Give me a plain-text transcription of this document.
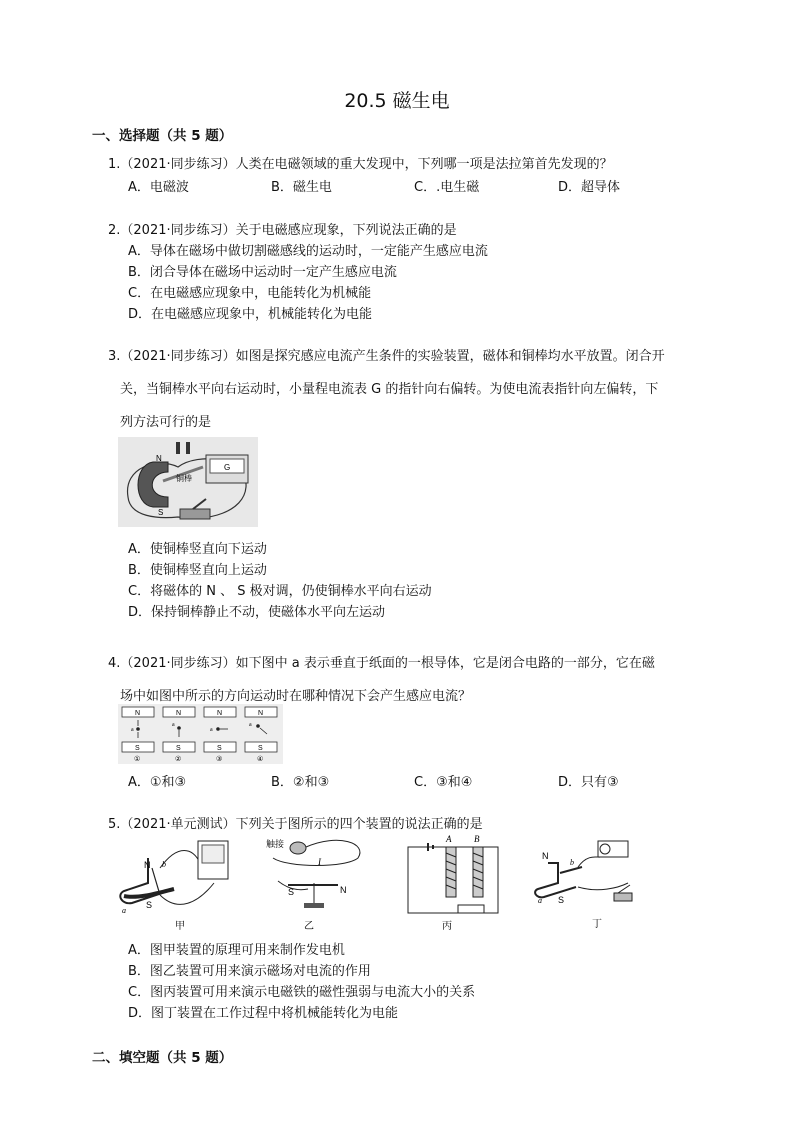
20.5 磁生电
一、选择题（共 5 题）
1.（2021·同步练习）人类在电磁领域的重大发现中，下列哪一项是法拉第首先发现的？
A．电磁波	B．磁生电	C．.电生磁	D．超导体
2.（2021·同步练习）关于电磁感应现象，下列说法正确的是
A．导体在磁场中做切割磁感线的运动时，一定能产生感应电流
B．闭合导体在磁场中运动时一定产生感应电流
C．在电磁感应现象中，电能转化为机械能
D．在电磁感应现象中，机械能转化为电能
3.（2021·同步练习）如图是探究感应电流产生条件的实验装置，磁体和铜棒均水平放置。闭合开
关，当铜棒水平向右运动时，小量程电流表 G 的指针向右偏转。为使电流表指针向左偏转，下
列方法可行的是
N
S
G
铜棒
A．使铜棒竖直向下运动
B．使铜棒竖直向上运动
C．将磁体的 N 、 S 极对调，仍使铜棒水平向右运动
D．保持铜棒静止不动，使磁体水平向左运动
4.（2021·同步练习）如下图中 a 表示垂直于纸面的一根导体，它是闭合电路的一部分，它在磁
场中如图中所示的方向运动时在哪种情况下会产生感应电流？
N
S
a
①
N
S
a
②
N
S
a
③
N
S
a
④
A．①和③	B．②和③	C．③和④	D．只有③
5.（2021·单元测试）下列关于图所示的四个装置的说法正确的是
N b
a
S
甲
触接
I
S	N
乙
A	B
丙
N
b
a S
丁
A．图甲装置的原理可用来制作发电机
B．图乙装置可用来演示磁场对电流的作用
C．图丙装置可用来演示电磁铁的磁性强弱与电流大小的关系
D．图丁装置在工作过程中将机械能转化为电能
二、填空题（共 5 题）
